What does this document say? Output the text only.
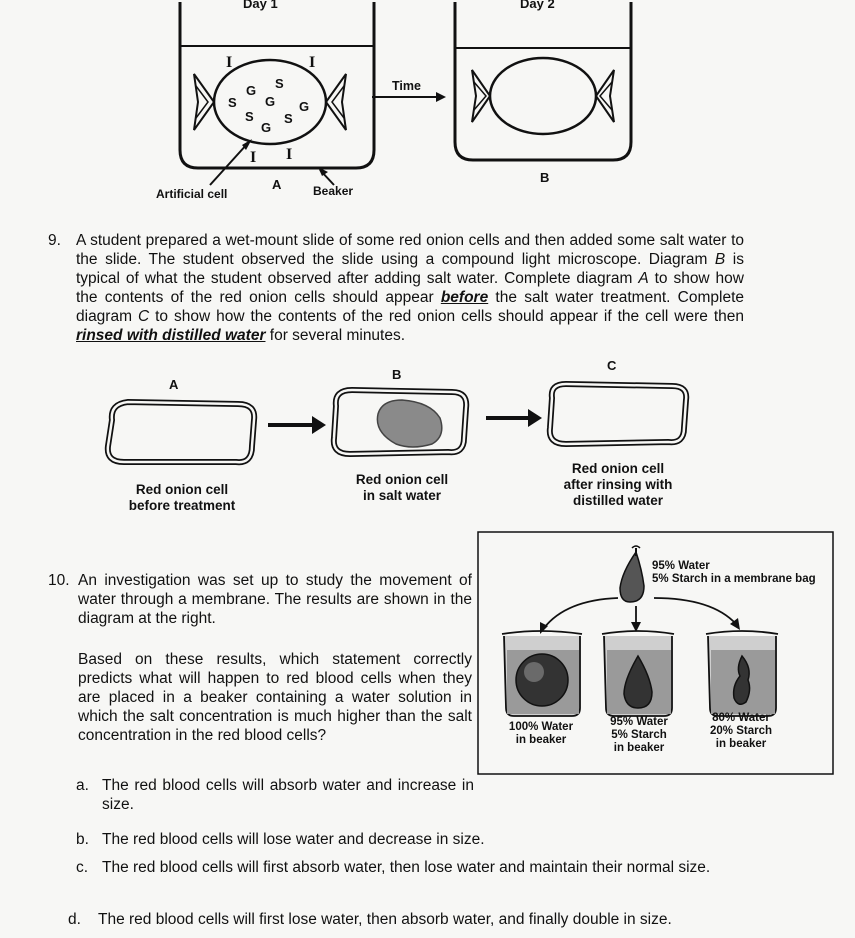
Day 1	Day 2
Time
A	B
Artificial cell	Beaker
I	I
I I
G S
S G G
S S
G
9. A student prepared a wet-mount slide of some red onion cells and then added some salt water to the slide. The student observed the slide using a compound light microscope. Diagram B is typical of what the student observed after adding salt water. Complete diagram A to show how the contents of the red onion cells should appear before the salt water treatment. Complete diagram C to show how the contents of the red onion cells should appear if the cell were then rinsed with distilled water for several minutes.
A
B
C
Red onion cell
before treatment
Red onion cell
in salt water
Red onion cell
after rinsing with
distilled water
10. An investigation was set up to study the movement of water through a membrane. The results are shown in the diagram at the right.
Based on these results, which statement correctly predicts what will happen to red blood cells when they are placed in a beaker containing a water solution in which the salt concentration is much higher than the salt concentration in the red blood cells?
95% Water
5% Starch in a membrane bag
100% Water
in beaker
95% Water
5% Starch
in beaker
80% Water
20% Starch
in beaker
a. The red blood cells will absorb water and increase in size.
b. The red blood cells will lose water and decrease in size.
c. The red blood cells will first absorb water, then lose water and maintain their normal size.
d. The red blood cells will first lose water, then absorb water, and finally double in size.
